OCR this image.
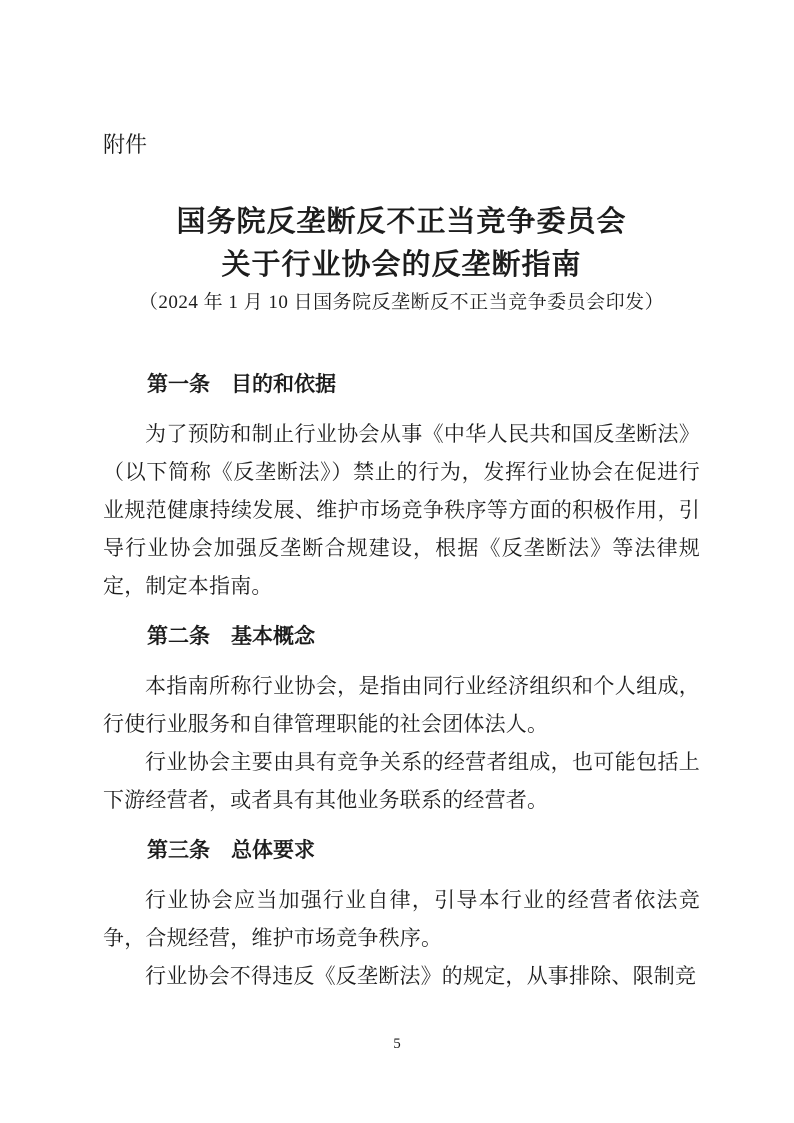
附件
国务院反垄断反不正当竞争委员会
关于行业协会的反垄断指南
（2024 年 1 月 10 日国务院反垄断反不正当竞争委员会印发）
第一条　目的和依据

为了预防和制止行业协会从事《中华人民共和国反垄断法》（以下简称《反垄断法》）禁止的行为，发挥行业协会在促进行业规范健康持续发展、维护市场竞争秩序等方面的积极作用，引导行业协会加强反垄断合规建设，根据《反垄断法》等法律规定，制定本指南。

第二条　基本概念

本指南所称行业协会，是指由同行业经济组织和个人组成，行使行业服务和自律管理职能的社会团体法人。

行业协会主要由具有竞争关系的经营者组成，也可能包括上下游经营者，或者具有其他业务联系的经营者。

第三条　总体要求

行业协会应当加强行业自律，引导本行业的经营者依法竞争，合规经营，维护市场竞争秩序。

行业协会不得违反《反垄断法》的规定，从事排除、限制竞

5
